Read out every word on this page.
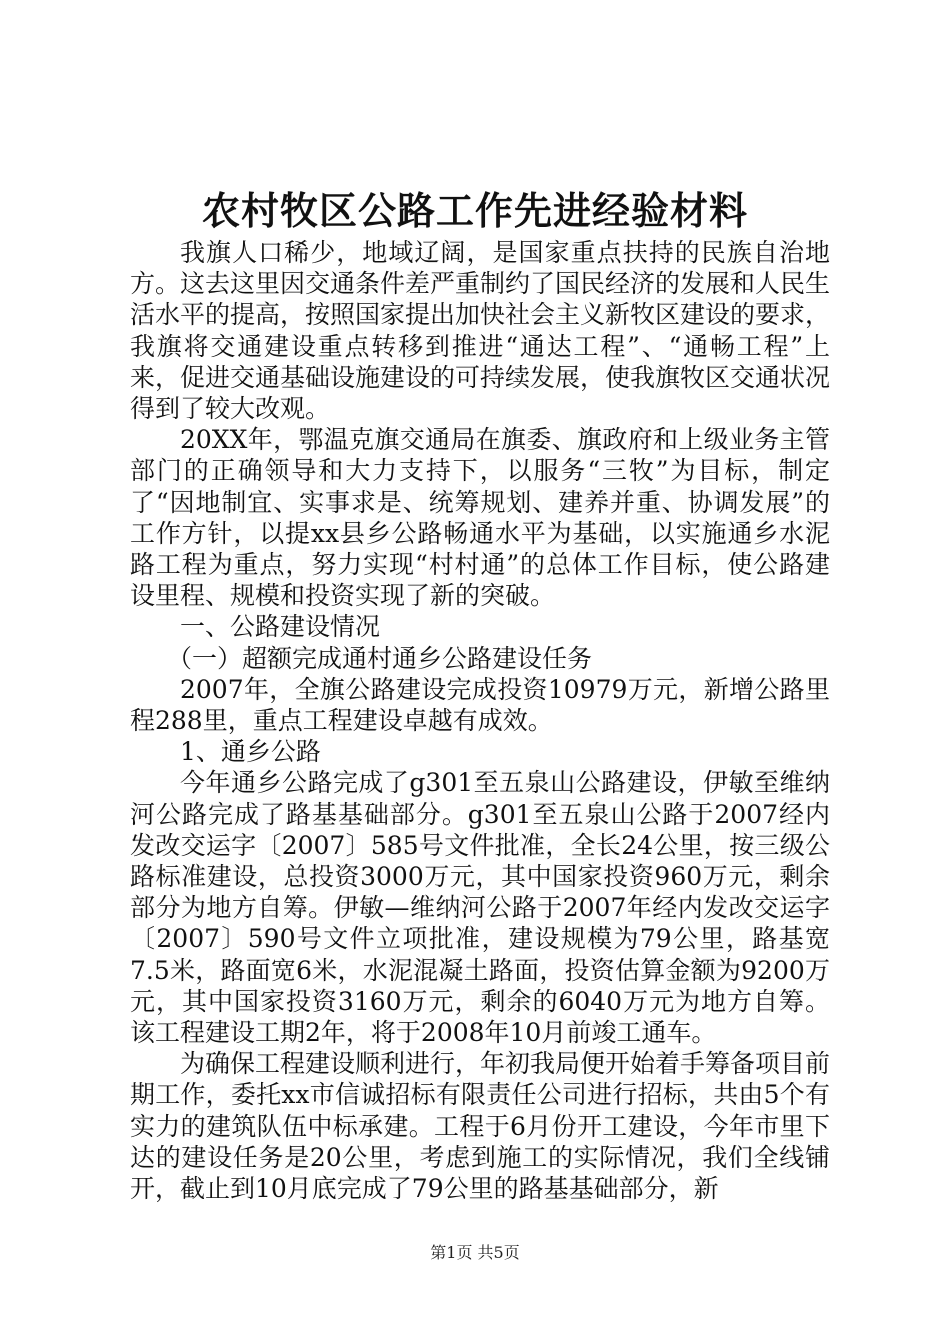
农村牧区公路工作先进经验材料

我旗人口稀少，地域辽阔，是国家重点扶持的民族自治地方。这去这里因交通条件差严重制约了国民经济的发展和人民生活水平的提高，按照国家提出加快社会主义新牧区建设的要求，我旗将交通建设重点转移到推进“通达工程”、“通畅工程”上来，促进交通基础设施建设的可持续发展，使我旗牧区交通状况得到了较大改观。

20XX年，鄂温克旗交通局在旗委、旗政府和上级业务主管部门的正确领导和大力支持下，以服务“三牧”为目标，制定了“因地制宜、实事求是、统筹规划、建养并重、协调发展”的工作方针，以提xx县乡公路畅通水平为基础，以实施通乡水泥路工程为重点，努力实现“村村通”的总体工作目标，使公路建设里程、规模和投资实现了新的突破。

一、公路建设情况

（一）超额完成通村通乡公路建设任务

2007年，全旗公路建设完成投资10979万元，新增公路里程288里，重点工程建设卓越有成效。

1、通乡公路

今年通乡公路完成了g301至五泉山公路建设，伊敏至维纳河公路完成了路基基础部分。g301至五泉山公路于2007经内发改交运字〔2007〕585号文件批准，全长24公里，按三级公路标准建设，总投资3000万元，其中国家投资960万元，剩余部分为地方自筹。伊敏—维纳河公路于2007年经内发改交运字〔2007〕590号文件立项批准，建设规模为79公里，路基宽7.5米，路面宽6米，水泥混凝土路面，投资估算金额为9200万元，其中国家投资3160万元，剩余的6040万元为地方自筹。该工程建设工期2年，将于2008年10月前竣工通车。

为确保工程建设顺利进行，年初我局便开始着手筹备项目前期工作，委托xx市信诚招标有限责任公司进行招标，共由5个有实力的建筑队伍中标承建。工程于6月份开工建设，今年市里下达的建设任务是20公里，考虑到施工的实际情况，我们全线铺开，截止到10月底完成了79公里的路基基础部分，新

第1页 共5页
